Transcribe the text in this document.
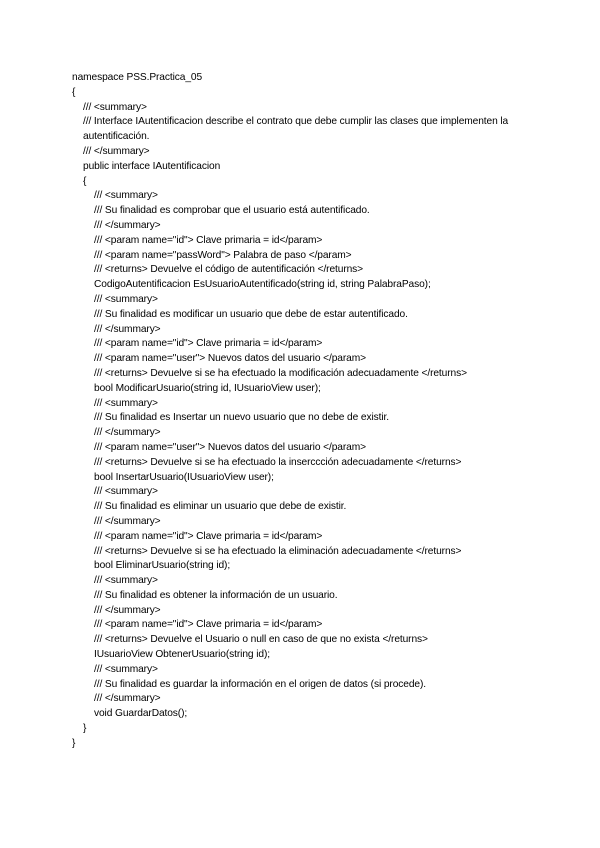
namespace PSS.Practica_05
{
/// <summary>
/// Interface IAutentificacion describe el contrato que debe cumplir las clases que implementen la autentificación.
/// </summary>
public interface IAutentificacion
{
/// <summary>
/// Su finalidad es comprobar que el usuario está autentificado.
/// </summary>
/// <param name="id"> Clave primaria = id</param>
/// <param name="passWord"> Palabra de paso </param>
/// <returns> Devuelve el código de autentificación </returns>
CodigoAutentificacion EsUsuarioAutentificado(string id, string PalabraPaso);
/// <summary>
/// Su finalidad es modificar un usuario que debe de estar autentificado.
/// </summary>
/// <param name="id"> Clave primaria = id</param>
/// <param name="user"> Nuevos datos del usuario </param>
/// <returns> Devuelve si se ha efectuado la modificación adecuadamente </returns>
bool ModificarUsuario(string id, IUsuarioView user);
/// <summary>
/// Su finalidad es Insertar un nuevo usuario que no debe de existir.
/// </summary>
/// <param name="user"> Nuevos datos del usuario </param>
/// <returns> Devuelve si se ha efectuado la inserccción adecuadamente </returns>
bool InsertarUsuario(IUsuarioView user);
/// <summary>
/// Su finalidad es eliminar un usuario que debe de existir.
/// </summary>
/// <param name="id"> Clave primaria = id</param>
/// <returns> Devuelve si se ha efectuado la eliminación adecuadamente </returns>
bool EliminarUsuario(string id);
/// <summary>
/// Su finalidad es obtener la información de un usuario.
/// </summary>
/// <param name="id"> Clave primaria = id</param>
/// <returns> Devuelve el Usuario o null en caso de que no exista </returns>
IUsuarioView ObtenerUsuario(string id);
/// <summary>
/// Su finalidad es guardar la información en el origen de datos (si procede).
/// </summary>
void GuardarDatos();
}
}
